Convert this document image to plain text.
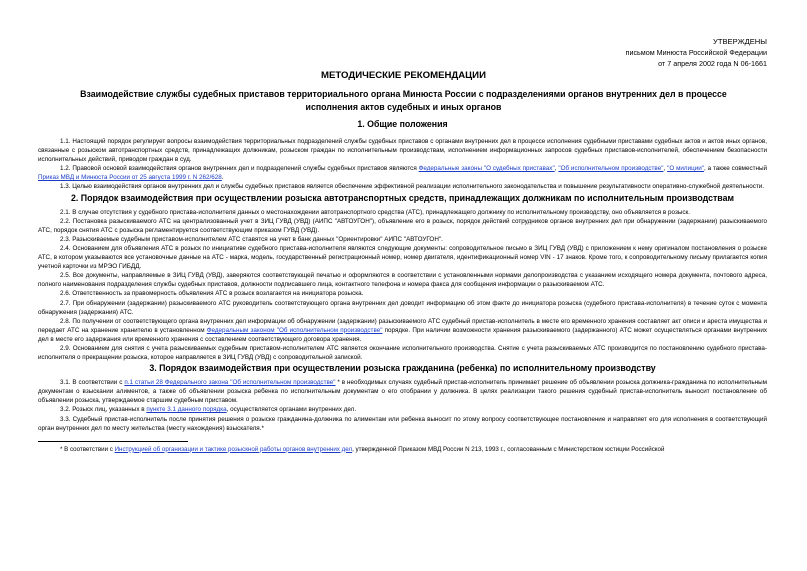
УТВЕРЖДЕНЫ
письмом Минюста Российской Федерации
от 7 апреля 2002 года N 06-1661
МЕТОДИЧЕСКИЕ РЕКОМЕНДАЦИИ
Взаимодействие службы судебных приставов территориального органа Минюста России с подразделениями органов внутренних дел в процессе исполнения актов судебных и иных органов

1. Общие положения

1.1. Настоящий порядок регулирует вопросы взаимодействия территориальных подразделений службы судебных приставов с органами внутренних дел в процессе исполнения судебными приставами судебных актов и актов иных органов, связанные с розыском автотранспортных средств, принадлежащих должникам, розыском граждан по исполнительным производствам, исполнением информационных запросов судебных приставов-исполнителей, обеспечением безопасности исполнительных действий, приводом граждан в суд.

1.2. Правовой основой взаимодействия органов внутренних дел и подразделений службы судебных приставов являются Федеральные законы "О судебных приставах", "Об исполнительном производстве", "О милиции", а также совместный Приказ МВД и Минюста России от 25 августа 1999 г. N 262/628.

1.3. Целью взаимодействия органов внутренних дел и службы судебных приставов является обеспечение эффективной реализации исполнительного законодательства и повышение результативности оперативно-служебной деятельности.

2. Порядок взаимодействия при осуществлении розыска автотранспортных средств, принадлежащих должникам по исполнительным производствам

2.1. В случае отсутствия у судебного пристава-исполнителя данных о местонахождении автотранспортного средства (АТС), принадлежащего должнику по исполнительному производству, оно объявляется в розыск.

2.2. Постановка разыскиваемого АТС на централизованный учет в ЗИЦ ГУВД (УВД) (АИПС "АВТОУГОН"), объявление его в розыск, порядок действий сотрудников органов внутренних дел при обнаружении (задержании) разыскиваемого АТС, порядок снятия АТС с розыска регламентируется соответствующим приказом ГУВД (УВД).

2.3. Разыскиваемые судебным приставом-исполнителем АТС ставятся на учет в банк данных "Ориентировки" АИПС "АВТОУГОН".

2.4. Основанием для объявления АТС в розыск по инициативе судебного пристава-исполнителя являются следующие документы: сопроводительное письмо в ЗИЦ ГУВД (УВД) с приложением к нему оригиналом постановления о розыске АТС, в котором указываются все установочные данные на АТС - марка, модель, государственный регистрационный номер, номер двигателя, идентификационный номер VIN - 17 знаков. Кроме того, к сопроводительному письму прилагается копия учетной карточки из МРЭО ГИБДД.

2.5. Все документы, направляемые в ЗИЦ ГУВД (УВД), заверяются соответствующей печатью и оформляются в соответствии с установленными нормами делопроизводства с указанием исходящего номера документа, почтового адреса, полного наименования подразделения службы судебных приставов, должности подписавшего лица, контактного телефона и номера факса для сообщения информации о разыскиваемом АТС.

2.6. Ответственность за правомерность объявления АТС в розыск возлагается на инициатора розыска.

2.7. При обнаружении (задержании) разыскиваемого АТС руководитель соответствующего органа внутренних дел доводит информацию об этом факте до инициатора розыска (судебного пристава-исполнителя) в течение суток с момента обнаружения (задержания) АТС.

2.8. По получении от соответствующего органа внутренних дел информации об обнаружении (задержании) разыскиваемого АТС судебный пристав-исполнитель в месте его временного хранения составляет акт описи и ареста имущества и передает АТС на хранение хранителю в установленном Федеральным законом "Об исполнительном производстве" порядке. При наличии возможности хранения разыскиваемого (задержанного) АТС может осуществляться органами внутренних дел в месте его задержания или временного хранения с составлением соответствующего договора хранения.

2.9. Основанием для снятия с учета разыскиваемых судебным приставом-исполнителем АТС является окончание исполнительного производства. Снятие с учета разыскиваемых АТС производится по постановлению судебного пристава-исполнителя о прекращении розыска, которое направляется в ЗИЦ ГУВД (УВД) с сопроводительной запиской.

3. Порядок взаимодействия при осуществлении розыска гражданина (ребенка) по исполнительному производству

3.1. В соответствии с п.1 статьи 28 Федерального закона "Об исполнительном производстве" * в необходимых случаях судебный пристав-исполнитель принимает решение об объявлении розыска должника-гражданина по исполнительным документам о взыскании алиментов, а также об объявлении розыска ребенка по исполнительным документам о его отобрании у должника. В целях реализации такого решения судебный пристав-исполнитель выносит постановление об объявлении розыска, утверждаемое старшим судебным приставом.

3.2. Розыск лиц, указанных в пункте 3.1 данного порядка, осуществляется органами внутренних дел.

3.3. Судебный пристав-исполнитель после принятия решения о розыске гражданина-должника по алиментам или ребенка выносит по этому вопросу соответствующее постановление и направляет его для исполнения в соответствующий орган внутренних дел по месту жительства (месту нахождения) взыскателя.*

* В соответствии с Инструкцией об организации и тактике розыскной работы органов внутренних дел, утвержденной Приказом МВД России N 213, 1993 г., согласованным с Министерством юстиции Российской
